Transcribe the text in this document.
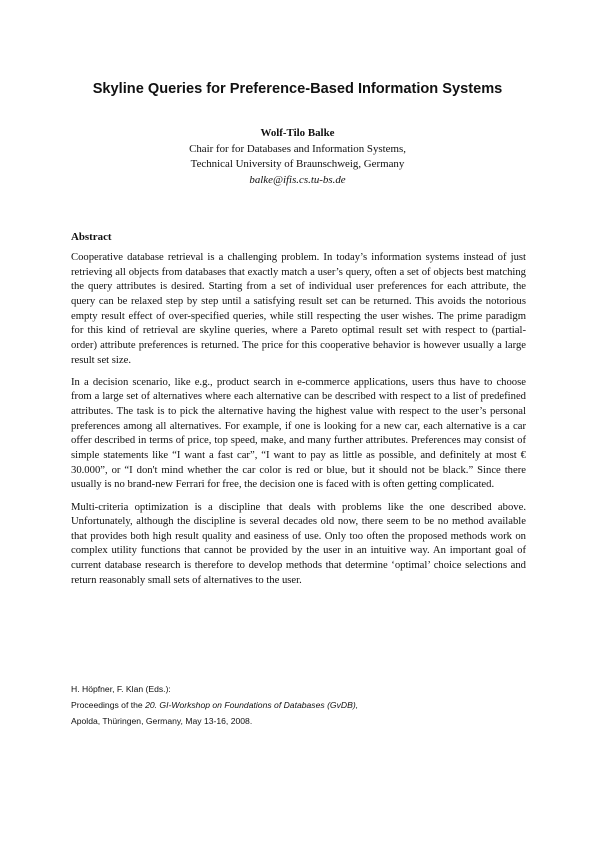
Skyline Queries for Preference-Based Information Systems
Wolf-Tilo Balke
Chair for for Databases and Information Systems,
Technical University of Braunschweig, Germany
balke@ifis.cs.tu-bs.de
Abstract

Cooperative database retrieval is a challenging problem. In today’s information systems instead of just retrieving all objects from databases that exactly match a user’s query, often a set of objects best matching the query attributes is desired. Starting from a set of individual user preferences for each attribute, the query can be relaxed step by step until a satisfying result set can be returned. This avoids the notorious empty result effect of over-specified queries, while still respecting the user wishes. The prime paradigm for this kind of retrieval are skyline queries, where a Pareto optimal result set with respect to (partial-order) attribute preferences is returned. The price for this cooperative behavior is however usually a large result set size.

In a decision scenario, like e.g., product search in e-commerce applications, users thus have to choose from a large set of alternatives where each alternative can be described with respect to a list of predefined attributes. The task is to pick the alternative having the highest value with respect to the user’s personal preferences among all alternatives. For example, if one is looking for a new car, each alternative is a car offer described in terms of price, top speed, make, and many further attributes. Preferences may consist of simple statements like “I want a fast car”, “I want to pay as little as possible, and definitely at most € 30.000”, or “I don't mind whether the car color is red or blue, but it should not be black.” Since there usually is no brand-new Ferrari for free, the decision one is faced with is often getting complicated.

Multi-criteria optimization is a discipline that deals with problems like the one described above. Unfortunately, although the discipline is several decades old now, there seem to be no method available that provides both high result quality and easiness of use. Only too often the proposed methods work on complex utility functions that cannot be provided by the user in an intuitive way. An important goal of current database research is therefore to develop methods that determine ‘optimal’ choice selections and return reasonably small sets of alternatives to the user.

H. Höpfner, F. Klan (Eds.):
Proceedings of the 20. GI-Workshop on Foundations of Databases (GvDB),
Apolda, Thüringen, Germany, May 13-16, 2008.
